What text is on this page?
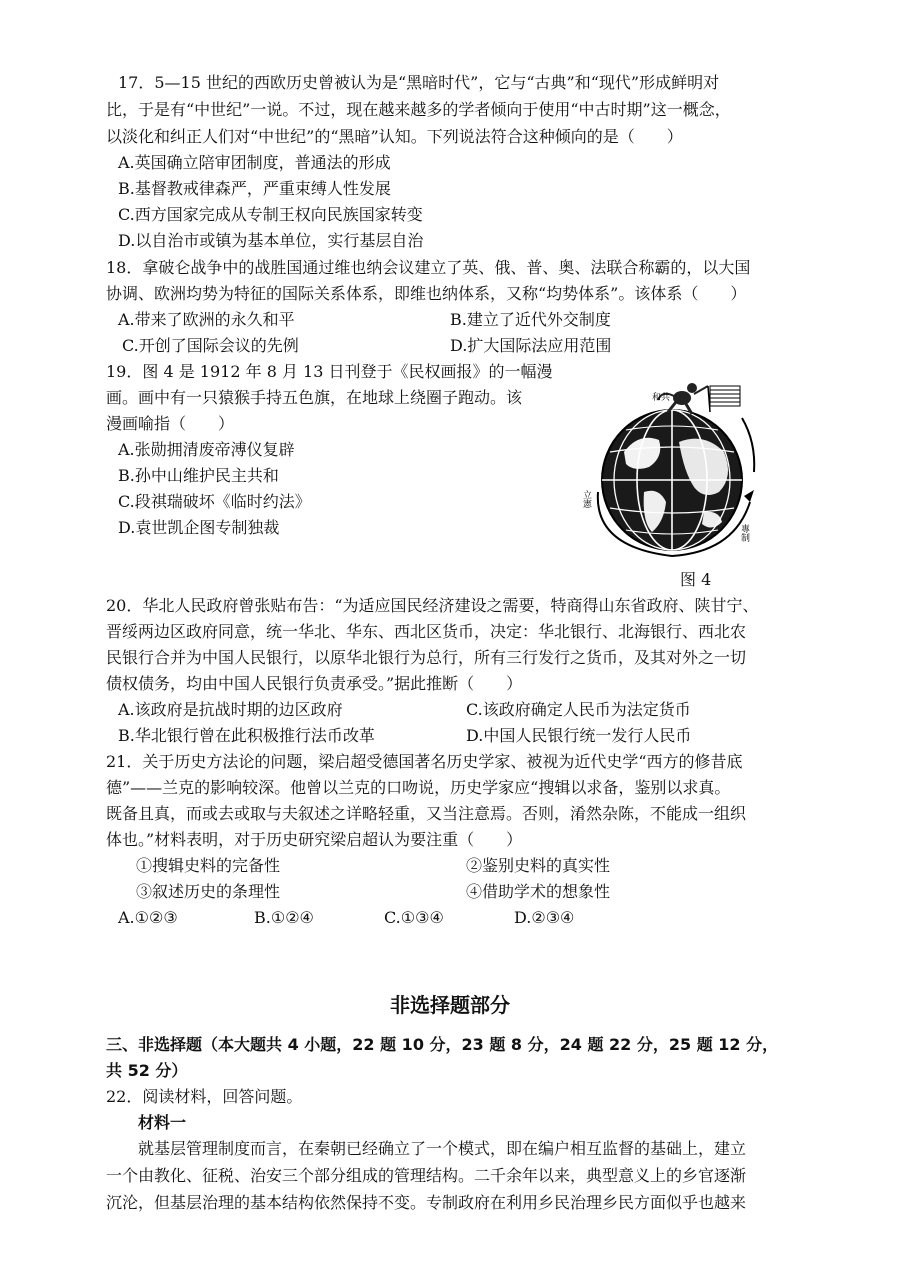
17．5—15 世纪的西欧历史曾被认为是“黑暗时代”，它与“古典”和“现代”形成鲜明对
比，于是有“中世纪”一说。不过，现在越来越多的学者倾向于使用“中古时期”这一概念，
以淡化和纠正人们对“中世纪”的“黑暗”认知。下列说法符合这种倾向的是（　　）
A.英国确立陪审团制度，普通法的形成
B.基督教戒律森严，严重束缚人性发展
C.西方国家完成从专制王权向民族国家转变
D.以自治市或镇为基本单位，实行基层自治
18．拿破仑战争中的战胜国通过维也纳会议建立了英、俄、普、奥、法联合称霸的，以大国
协调、欧洲均势为特征的国际关系体系，即维也纳体系，又称“均势体系”。该体系（　　）
A.带来了欧洲的永久和平	B.建立了近代外交制度
C.开创了国际会议的先例	D.扩大国际法应用范围
19．图 4 是 1912 年 8 月 13 日刊登于《民权画报》的一幅漫
画。画中有一只猿猴手持五色旗，在地球上绕圈子跑动。该
漫画喻指（　　）
A.张勋拥清废帝溥仪复辟
B.孙中山维护民主共和
C.段祺瑞破坏《临时约法》
D.袁世凯企图专制独裁
和共
立憲
專制
图 4
20．华北人民政府曾张贴布告：“为适应国民经济建设之需要，特商得山东省政府、陕甘宁、
晋绥两边区政府同意，统一华北、华东、西北区货币，决定：华北银行、北海银行、西北农
民银行合并为中国人民银行，以原华北银行为总行，所有三行发行之货币，及其对外之一切
债权债务，均由中国人民银行负责承受。”据此推断（　　）
A.该政府是抗战时期的边区政府	C.该政府确定人民币为法定货币
B.华北银行曾在此积极推行法币改革	D.中国人民银行统一发行人民币
21．关于历史方法论的问题，梁启超受德国著名历史学家、被视为近代史学“西方的修昔底
德”——兰克的影响较深。他曾以兰克的口吻说，历史学家应“搜辑以求备，鉴别以求真。
既备且真，而或去或取与夫叙述之详略轻重，又当注意焉。否则，淆然杂陈，不能成一组织
体也。”材料表明，对于历史研究梁启超认为要注重（　　）
①搜辑史料的完备性	②鉴别史料的真实性
③叙述历史的条理性	④借助学术的想象性
A.①②③	B.①②④	C.①③④	D.②③④
非选择题部分
三、非选择题（本大题共 4 小题，22 题 10 分，23 题 8 分，24 题 22 分，25 题 12 分，
共 52 分）
22．阅读材料，回答问题。
材料一
　　就基层管理制度而言，在秦朝已经确立了一个模式，即在编户相互监督的基础上，建立
一个由教化、征税、治安三个部分组成的管理结构。二千余年以来，典型意义上的乡官逐渐
沉沦，但基层治理的基本结构依然保持不变。专制政府在利用乡民治理乡民方面似乎也越来
